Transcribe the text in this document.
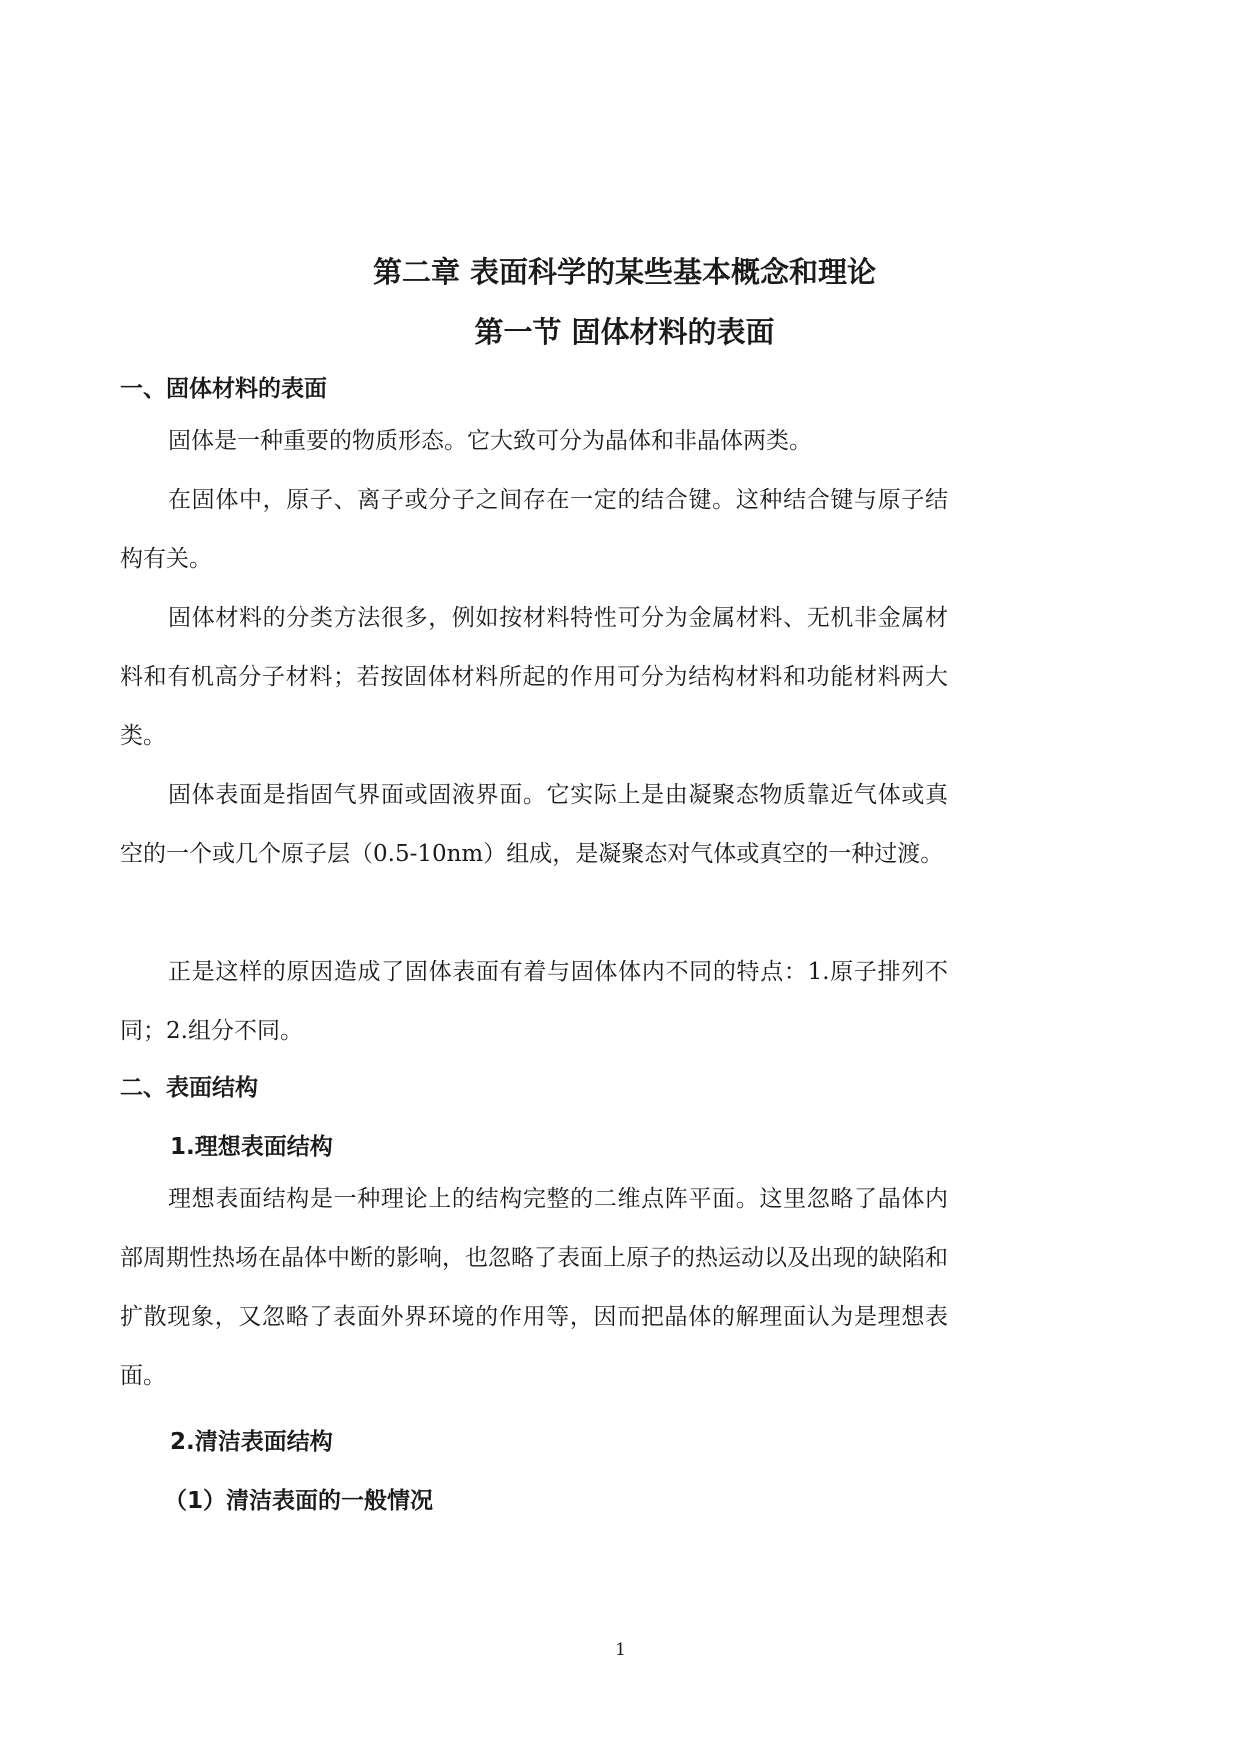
第二章 表面科学的某些基本概念和理论
第一节 固体材料的表面
一、固体材料的表面

固体是一种重要的物质形态。它大致可分为晶体和非晶体两类。

在固体中，原子、离子或分子之间存在一定的结合键。这种结合键与原子结构有关。

固体材料的分类方法很多，例如按材料特性可分为金属材料、无机非金属材料和有机高分子材料；若按固体材料所起的作用可分为结构材料和功能材料两大类。

固体表面是指固气界面或固液界面。它实际上是由凝聚态物质靠近气体或真空的一个或几个原子层（0.5-10nm）组成，是凝聚态对气体或真空的一种过渡。

正是这样的原因造成了固体表面有着与固体体内不同的特点：1.原子排列不同；2.组分不同。

二、表面结构
1.理想表面结构

理想表面结构是一种理论上的结构完整的二维点阵平面。这里忽略了晶体内部周期性热场在晶体中断的影响，也忽略了表面上原子的热运动以及出现的缺陷和扩散现象，又忽略了表面外界环境的作用等，因而把晶体的解理面认为是理想表面。

2.清洁表面结构
（1）清洁表面的一般情况
1
